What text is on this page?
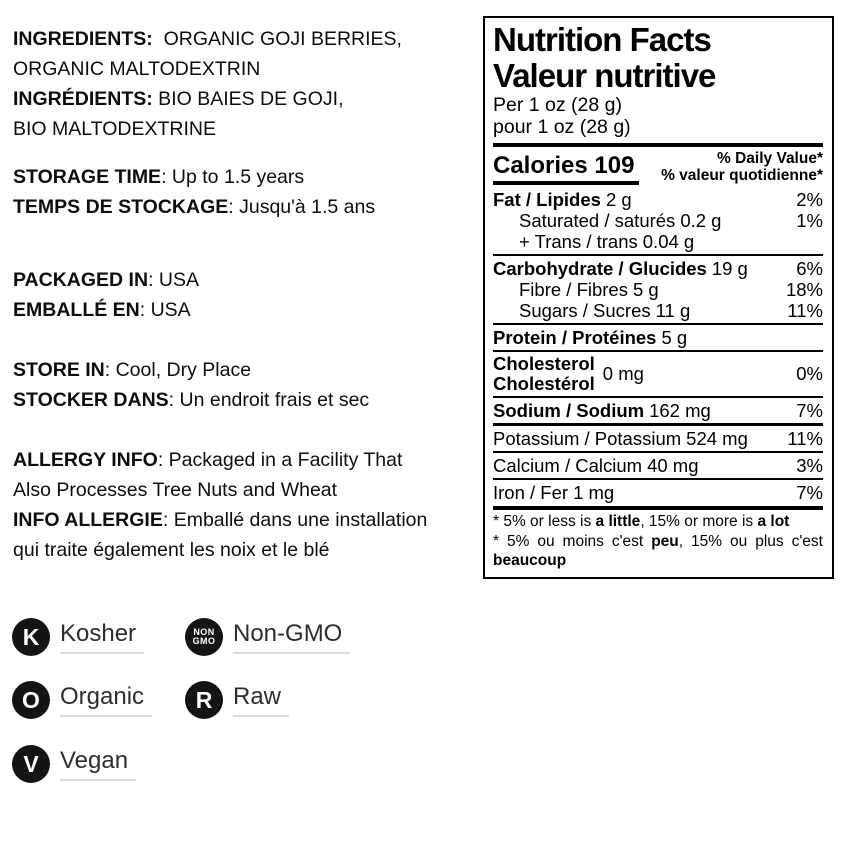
INGREDIENTS:  ORGANIC GOJI BERRIES,
ORGANIC MALTODEXTRIN
INGRÉDIENTS: BIO BAIES DE GOJI,
BIO MALTODEXTRINE
STORAGE TIME: Up to 1.5 years
TEMPS DE STOCKAGE: Jusqu'à 1.5 ans
PACKAGED IN: USA
EMBALLÉ EN: USA
STORE IN: Cool, Dry Place
STOCKER DANS: Un endroit frais et sec
ALLERGY INFO: Packaged in a Facility That
Also Processes Tree Nuts and Wheat
INFO ALLERGIE: Emballé dans une installation
qui traite également les noix et le blé
Nutrition Facts
Valeur nutritive
Per 1 oz (28 g)
pour 1 oz (28 g)
Calories 109	% Daily Value*
% valeur quotidienne*
Fat / Lipides 2 g	2%
Saturated / saturés 0.2 g	1%
+ Trans / trans 0.04 g
Carbohydrate / Glucides 19 g	6%
Fibre / Fibres 5 g	18%
Sugars / Sucres 11 g	11%
Protein / Protéines 5 g
Cholesterol
Cholestérol 0 mg	0%
Sodium / Sodium 162 mg	7%
Potassium / Potassium 524 mg 11%
Calcium / Calcium 40 mg	3%
Iron / Fer 1 mg	7%
* 5% or less is a little, 15% or more is a lot
* 5% ou moins c'est peu, 15% ou plus c'est beaucoup
K Kosher	NON
GMO Non-GMO
O Organic	R Raw
V Vegan
